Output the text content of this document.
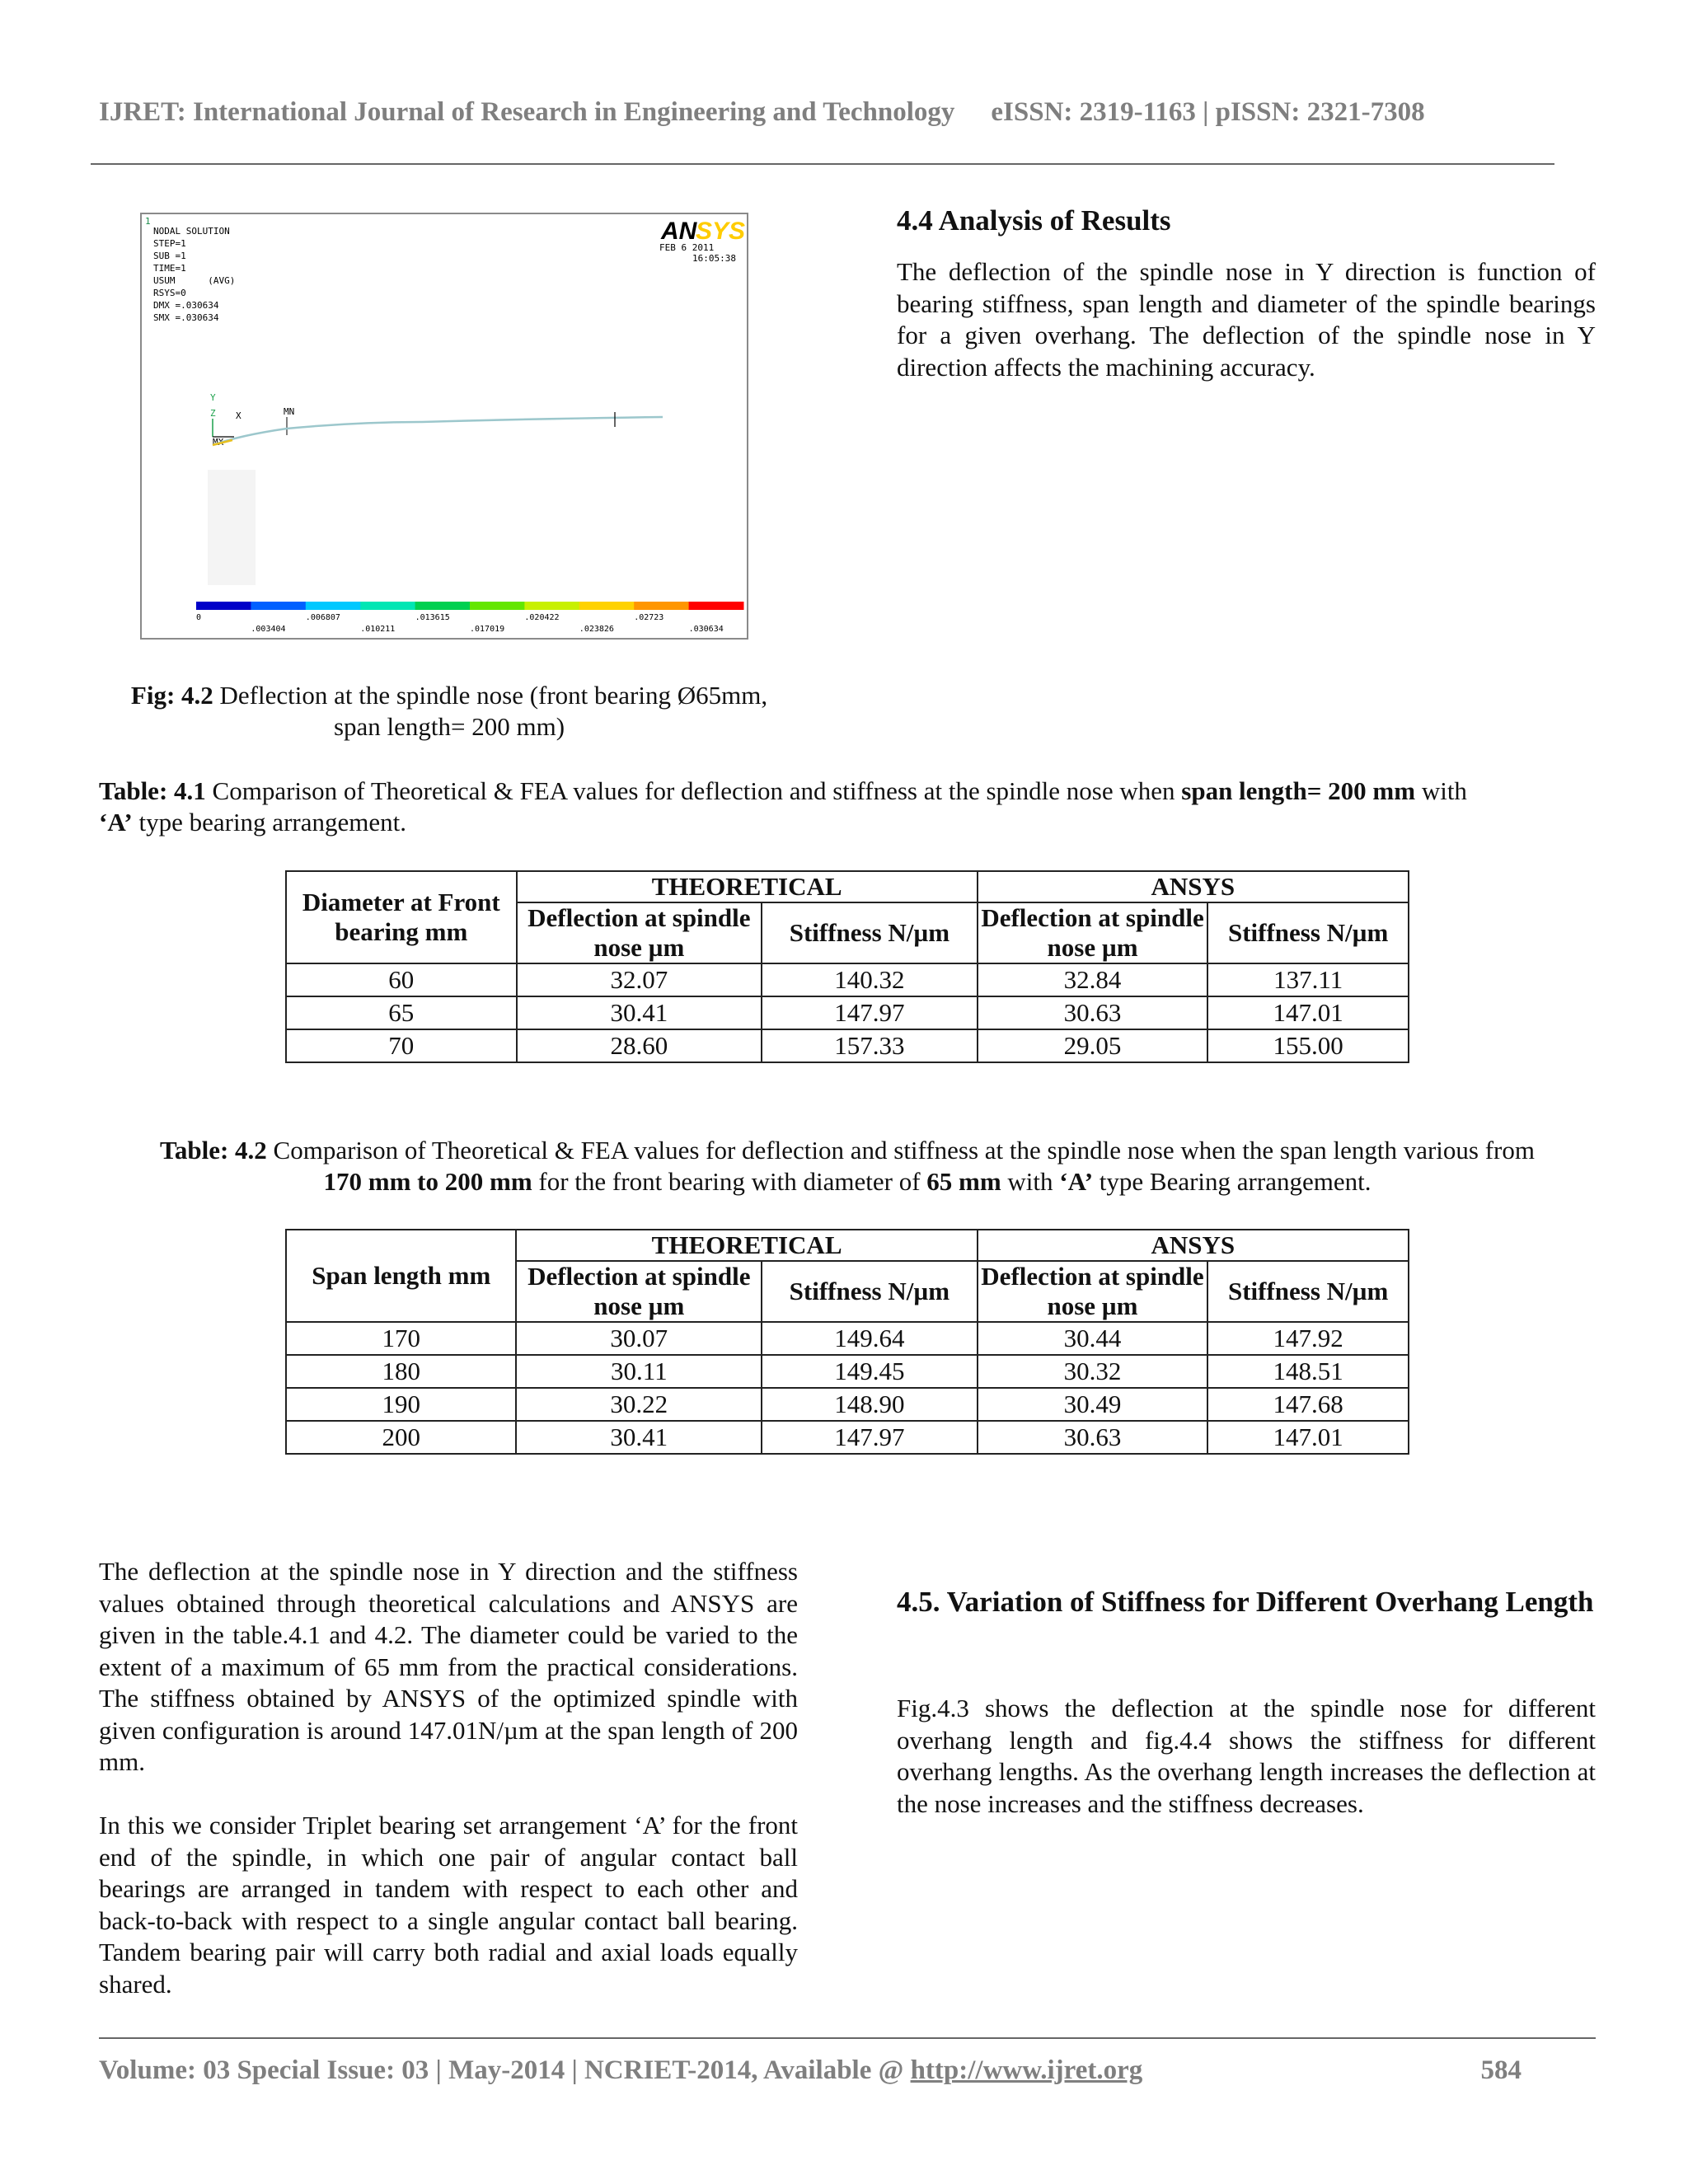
IJRET: International Journal of Research in Engineering and Technology eISSN: 2319-1163 | pISSN: 2321-7308
1
NODAL SOLUTION
STEP=1
SUB =1
TIME=1
USUM      (AVG)
RSYS=0
DMX =.030634
SMX =.030634
AN
SYS
FEB 6 2011
16:05:38
Y
Z X	MN
MX
0	.006807	.013615	.020422	.02723
.003404	.010211	.017019	.023826	.030634
Fig: 4.2 Deflection at the spindle nose (front bearing Ø65mm,
span length= 200 mm)
4.4 Analysis of Results
The deflection of the spindle nose in Y direction is function of bearing stiffness, span length and diameter of the spindle bearings for a given overhang. The deflection of the spindle nose in Y direction affects the machining accuracy.
Table: 4.1 Comparison of Theoretical & FEA values for deflection and stiffness at the spindle nose when span length= 200 mm with
‘A’ type bearing arrangement.
Diameter at Front bearing mm	THEORETICAL		ANSYS	
	Deflection at spindle nose µm	Stiffness N/µm	Deflection at spindle nose µm	Stiffness N/µm
60	32.07	140.32	32.84	137.11
65	30.41	147.97	30.63	147.01
70	28.60	157.33	29.05	155.00
Table: 4.2 Comparison of Theoretical & FEA values for deflection and stiffness at the spindle nose when the span length various from
170 mm to 200 mm for the front bearing with diameter of 65 mm with ‘A’ type Bearing arrangement.
Span length mm	THEORETICAL		ANSYS	
	Deflection at spindle nose µm	Stiffness N/µm	Deflection at spindle nose µm	Stiffness N/µm
170	30.07	149.64	30.44	147.92
180	30.11	149.45	30.32	148.51
190	30.22	148.90	30.49	147.68
200	30.41	147.97	30.63	147.01
The deflection at the spindle nose in Y direction and the stiffness values obtained through theoretical calculations and ANSYS are given in the table.4.1 and 4.2. The diameter could be varied to the extent of a maximum of 65 mm from the practical considerations. The stiffness obtained by ANSYS of the optimized spindle with given configuration is around 147.01N/µm at the span length of 200 mm.
In this we consider Triplet bearing set arrangement ‘A’ for the front end of the spindle, in which one pair of angular contact ball bearings are arranged in tandem with respect to each other and back-to-back with respect to a single angular contact ball bearing. Tandem bearing pair will carry both radial and axial loads equally shared.
4.5. Variation of Stiffness for Different Overhang Length
Fig.4.3 shows the deflection at the spindle nose for different overhang length and fig.4.4 shows the stiffness for different overhang lengths. As the overhang length increases the deflection at the nose increases and the stiffness decreases.
Volume: 03 Special Issue: 03 | May-2014 | NCRIET-2014, Available @ http://www.ijret.org	584
